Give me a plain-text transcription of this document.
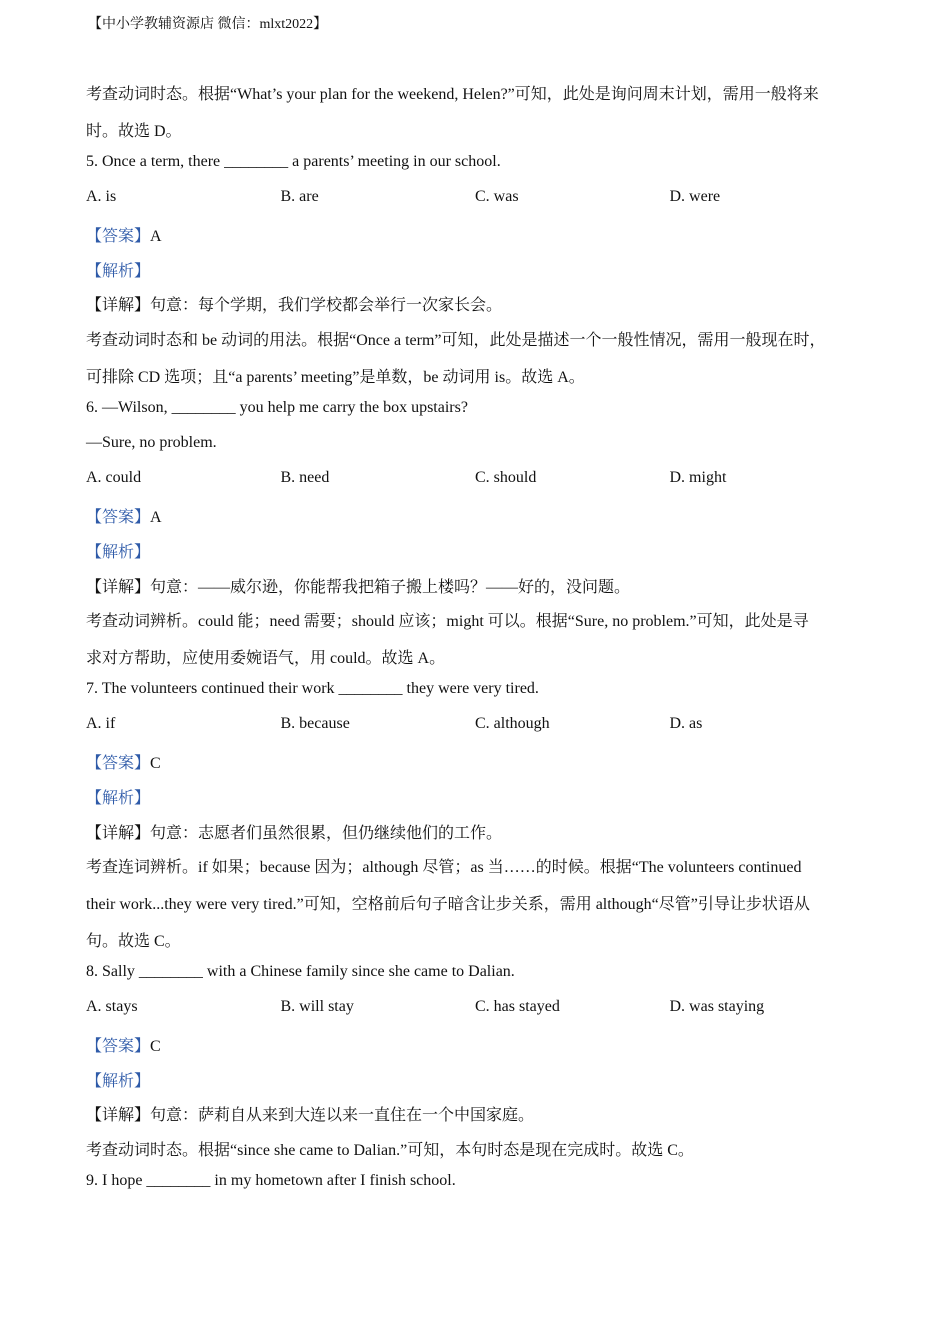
【中小学教辅资源店 微信：mlxt2022】
考查动词时态。根据“What’s your plan for the weekend, Helen?”可知，此处是询问周末计划，需用一般将来
时。故选 D。
5. Once a term, there ________ a parents’ meeting in our school.
A. is	B. are	C. was	D. were
【答案】A
【解析】
【详解】句意：每个学期，我们学校都会举行一次家长会。
考查动词时态和 be 动词的用法。根据“Once a term”可知，此处是描述一个一般性情况，需用一般现在时，
可排除 CD 选项；且“a parents’ meeting”是单数，be 动词用 is。故选 A。
6. —Wilson, ________ you help me carry the box upstairs?
—Sure, no problem.
A. could	B. need	C. should	D. might
【答案】A
【解析】
【详解】句意：——威尔逊，你能帮我把箱子搬上楼吗？——好的，没问题。
考查动词辨析。could 能；need 需要；should 应该；might 可以。根据“Sure, no problem.”可知，此处是寻
求对方帮助，应使用委婉语气，用 could。故选 A。
7. The volunteers continued their work ________ they were very tired.
A. if	B. because	C. although	D. as
【答案】C
【解析】
【详解】句意：志愿者们虽然很累，但仍继续他们的工作。
考查连词辨析。if 如果；because 因为；although 尽管；as 当……的时候。根据“The volunteers continued
their work...they were very tired.”可知，空格前后句子暗含让步关系，需用 although“尽管”引导让步状语从
句。故选 C。
8. Sally ________ with a Chinese family since she came to Dalian.
A. stays	B. will stay	C. has stayed	D. was staying
【答案】C
【解析】
【详解】句意：萨莉自从来到大连以来一直住在一个中国家庭。
考查动词时态。根据“since she came to Dalian.”可知，本句时态是现在完成时。故选 C。
9. I hope ________ in my hometown after I finish school.
